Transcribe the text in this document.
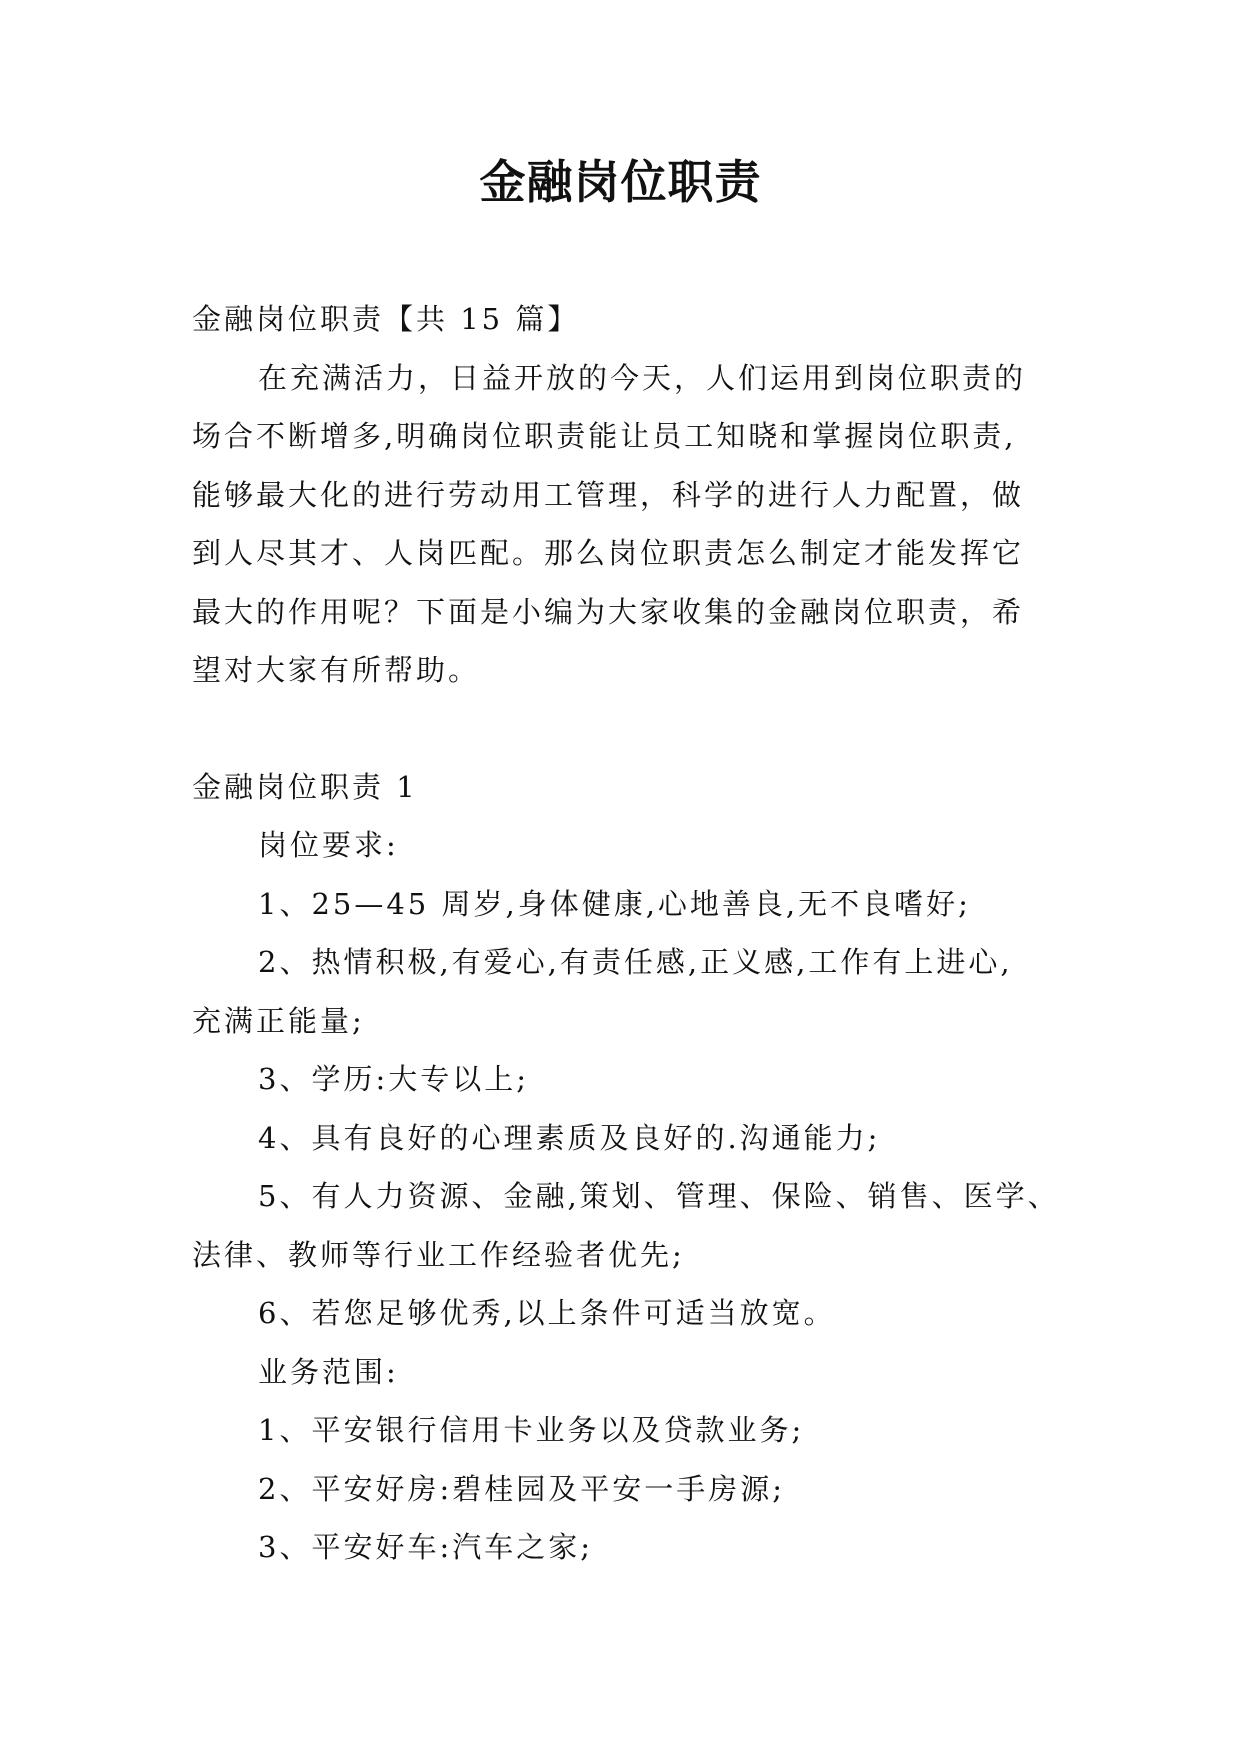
金融岗位职责

金融岗位职责【共 15 篇】

在充满活力，日益开放的今天，人们运用到岗位职责的

场合不断增多,明确岗位职责能让员工知晓和掌握岗位职责,

能够最大化的进行劳动用工管理，科学的进行人力配置，做

到人尽其才、人岗匹配。那么岗位职责怎么制定才能发挥它

最大的作用呢？下面是小编为大家收集的金融岗位职责，希

望对大家有所帮助。

金融岗位职责 1

岗位要求:

1、25—45 周岁,身体健康,心地善良,无不良嗜好;

2、热情积极,有爱心,有责任感,正义感,工作有上进心,

充满正能量;

3、学历:大专以上;

4、具有良好的心理素质及良好的.沟通能力;

5、有人力资源、金融,策划、管理、保险、销售、医学、

法律、教师等行业工作经验者优先;

6、若您足够优秀,以上条件可适当放宽。

业务范围:

1、平安银行信用卡业务以及贷款业务;

2、平安好房:碧桂园及平安一手房源;

3、平安好车:汽车之家;
